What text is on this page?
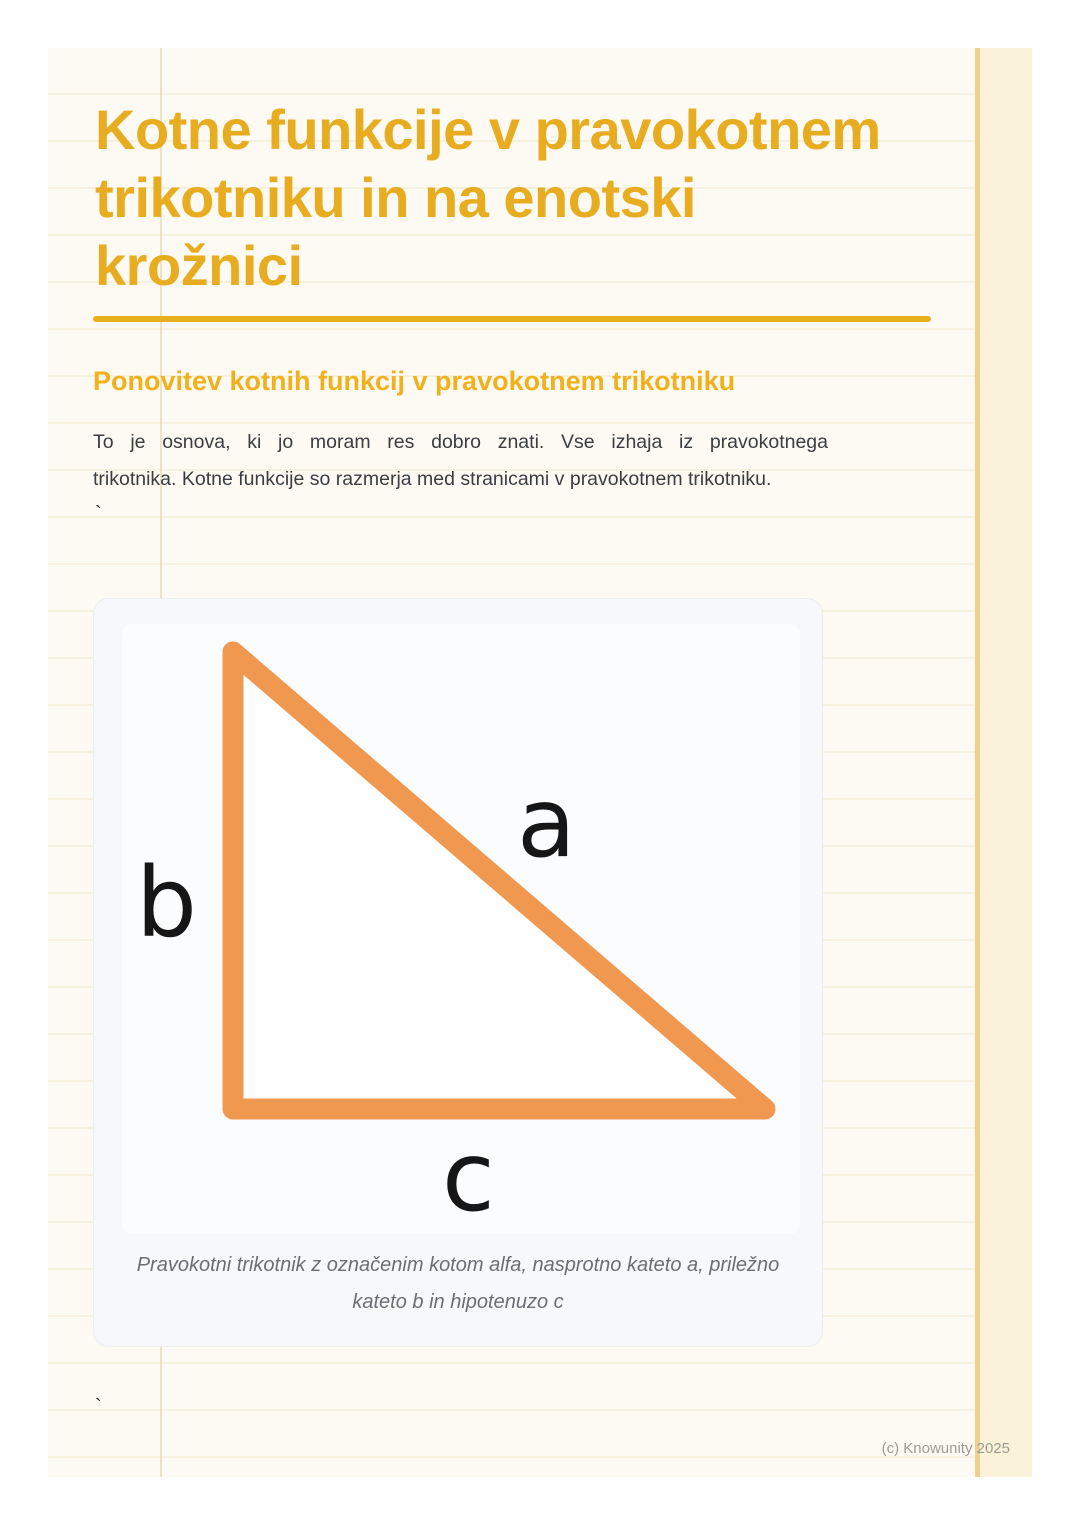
Kotne funkcije v pravokotnem
trikotniku in na enotski
krožnici
Ponovitev kotnih funkcij v pravokotnem trikotniku
To je osnova, ki jo moram res dobro znati. Vse izhaja iz pravokotnega
trikotnika. Kotne funkcije so razmerja med stranicami v pravokotnem trikotniku.
`
a
b
c
Pravokotni trikotnik z označenim kotom alfa, nasprotno kateto a, priležno
kateto b in hipotenuzo c
`
(c) Knowunity 2025
